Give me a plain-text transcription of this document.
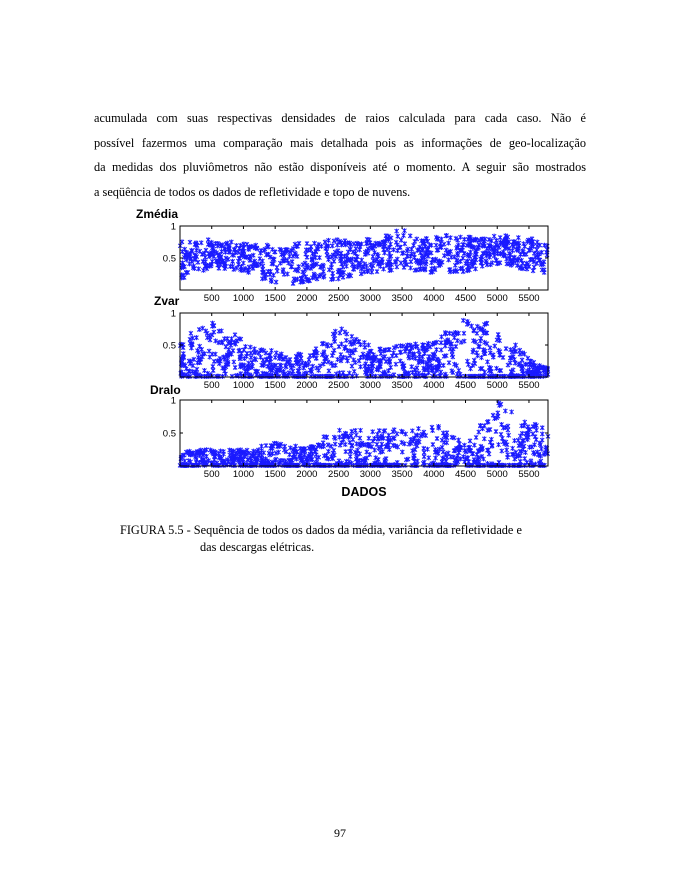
acumulada com suas respectivas densidades de raios calculada para cada caso. Não é

possível fazermos uma comparação mais detalhada pois as informações de geo-localização

da medidas dos pluviômetros não estão disponíveis até o momento. A seguir são mostrados

a seqüência de todos os dados de refletividade e topo de nuvens.

Zmédia
500 1000 1500 2000 2500 3000 3500 4000 4500 5000 5500
0.5
1
Zvar
500 1000 1500 2000 2500 3000 3500 4000 4500 5000 5500
0.5
1
Dralo
500 1000 1500 2000 2500 3000 3500 4000 4500 5000 5500
0.5
1
DADOS
FIGURA 5.5 - Sequência de todos os dados da média, variância da refletividade e
das descargas elétricas.
97
